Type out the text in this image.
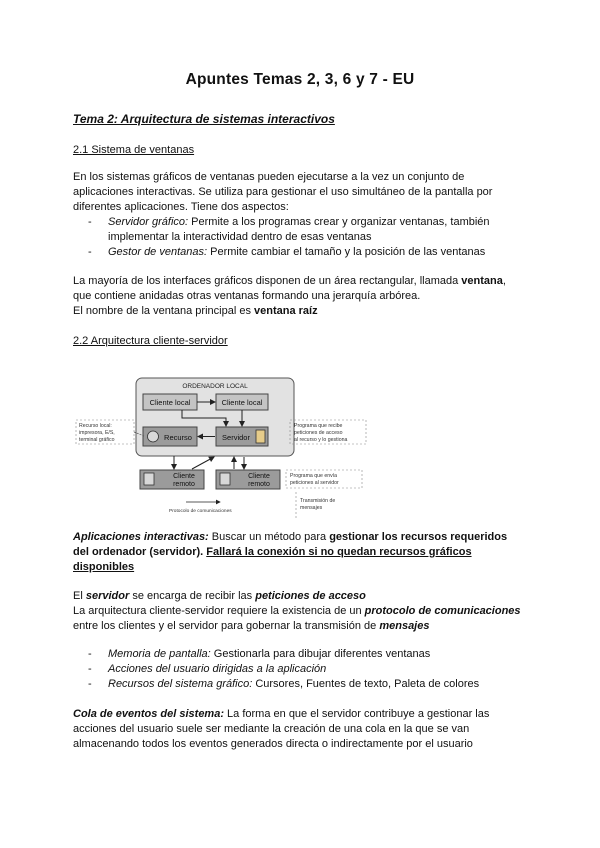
Apuntes Temas 2, 3, 6 y 7 - EU
Tema 2: Arquitectura de sistemas interactivos
2.1 Sistema de ventanas
En los sistemas gráficos de ventanas pueden ejecutarse a la vez un conjunto de
aplicaciones interactivas. Se utiliza para gestionar el uso simultáneo de la pantalla por
diferentes aplicaciones. Tiene dos aspectos:
- Servidor gráfico: Permite a los programas crear y organizar ventanas, también
implementar la interactividad dentro de esas ventanas
- Gestor de ventanas: Permite cambiar el tamaño y la posición de las ventanas
La mayoría de los interfaces gráficos disponen de un área rectangular, llamada ventana,
que contiene anidadas otras ventanas formando una jerarquía arbórea.
El nombre de la ventana principal es ventana raíz
2.2 Arquitectura cliente-servidor
ORDENADOR LOCAL
Cliente local	Cliente local
Recurso	Servidor
Cliente
remoto
Cliente
remoto
Recurso local:
impresora, E/S,
terminal gráfico
Programa que recibe
peticiones de acceso
al recurso y lo gestiona
Programa que envía
peticiones al servidor
Protocolo de comunicaciones
Transmisión de
mensajes
Aplicaciones interactivas: Buscar un método para gestionar los recursos requeridos
del ordenador (servidor). Fallará la conexión si no quedan recursos gráficos
disponibles
El servidor se encarga de recibir las peticiones de acceso
La arquitectura cliente-servidor requiere la existencia de un protocolo de comunicaciones
entre los clientes y el servidor para gobernar la transmisión de mensajes
- Memoria de pantalla: Gestionarla para dibujar diferentes ventanas
- Acciones del usuario dirigidas a la aplicación
- Recursos del sistema gráfico: Cursores, Fuentes de texto, Paleta de colores
Cola de eventos del sistema: La forma en que el servidor contribuye a gestionar las
acciones del usuario suele ser mediante la creación de una cola en la que se van
almacenando todos los eventos generados directa o indirectamente por el usuario
